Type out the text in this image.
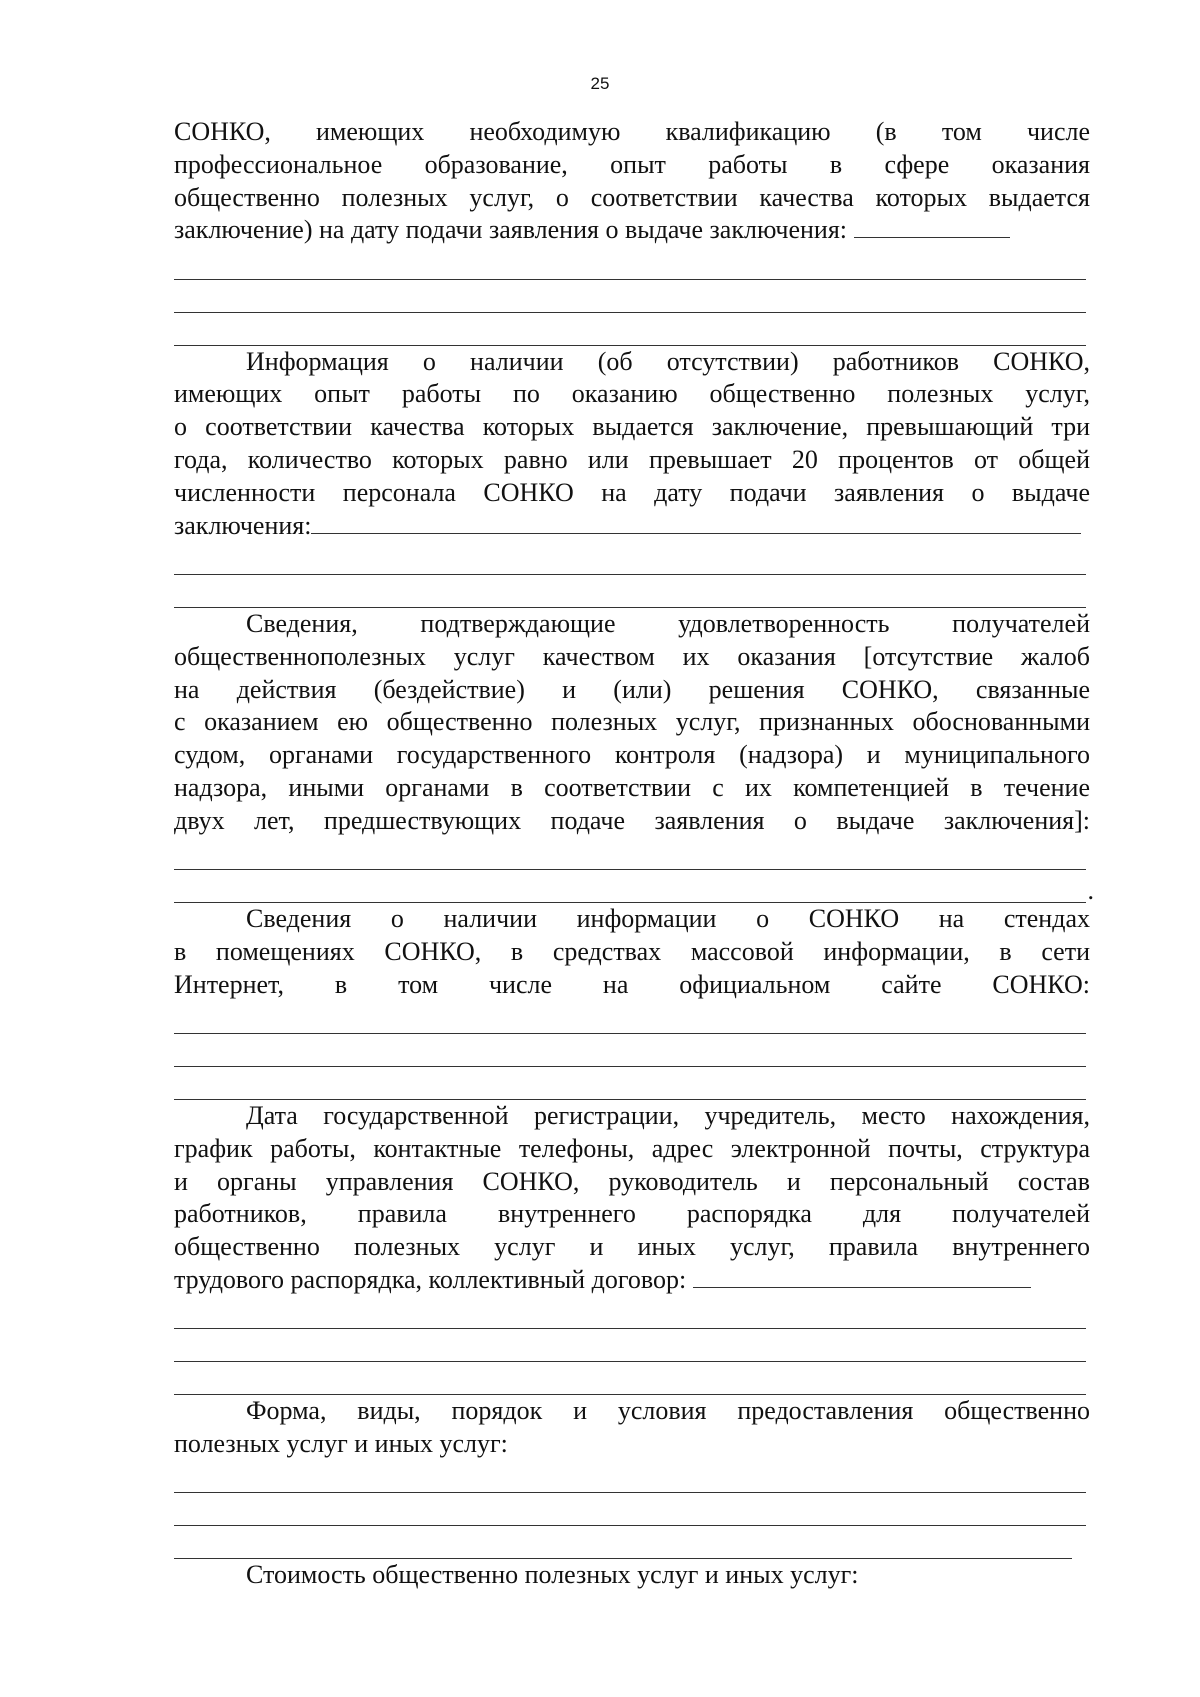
25

СОНКО, имеющих необходимую квалификацию (в том числе

профессиональное образование, опыт работы в сфере оказания

общественно полезных услуг, о соответствии качества которых выдается

заключение) на дату подачи заявления о выдаче заключения:

Информация о наличии (об отсутствии) работников СОНКО,

имеющих опыт работы по оказанию общественно полезных услуг,

о соответствии качества которых выдается заключение, превышающий три

года, количество которых равно или превышает 20 процентов от общей

численности персонала СОНКО на дату подачи заявления о выдаче

заключения:

Сведения, подтверждающие удовлетворенность получателей

общественнополезных услуг качеством их оказания [отсутствие жалоб

на действия (бездействие) и (или) решения СОНКО, связанные

с оказанием ею общественно полезных услуг, признанных обоснованными

судом, органами государственного контроля (надзора) и муниципального

надзора, иными органами в соответствии с их компетенцией в течение

двух лет, предшествующих подаче заявления о выдаче заключения]:

.

Сведения о наличии информации о СОНКО на стендах

в помещениях СОНКО, в средствах массовой информации, в сети

Интернет, в том числе на официальном сайте СОНКО:

Дата государственной регистрации, учредитель, место нахождения,

график работы, контактные телефоны, адрес электронной почты, структура

и органы управления СОНКО, руководитель и персональный состав

работников, правила внутреннего распорядка для получателей

общественно полезных услуг и иных услуг, правила внутреннего

трудового распорядка, коллективный договор:

Форма, виды, порядок и условия предоставления общественно

полезных услуг и иных услуг:

Стоимость общественно полезных услуг и иных услуг:
